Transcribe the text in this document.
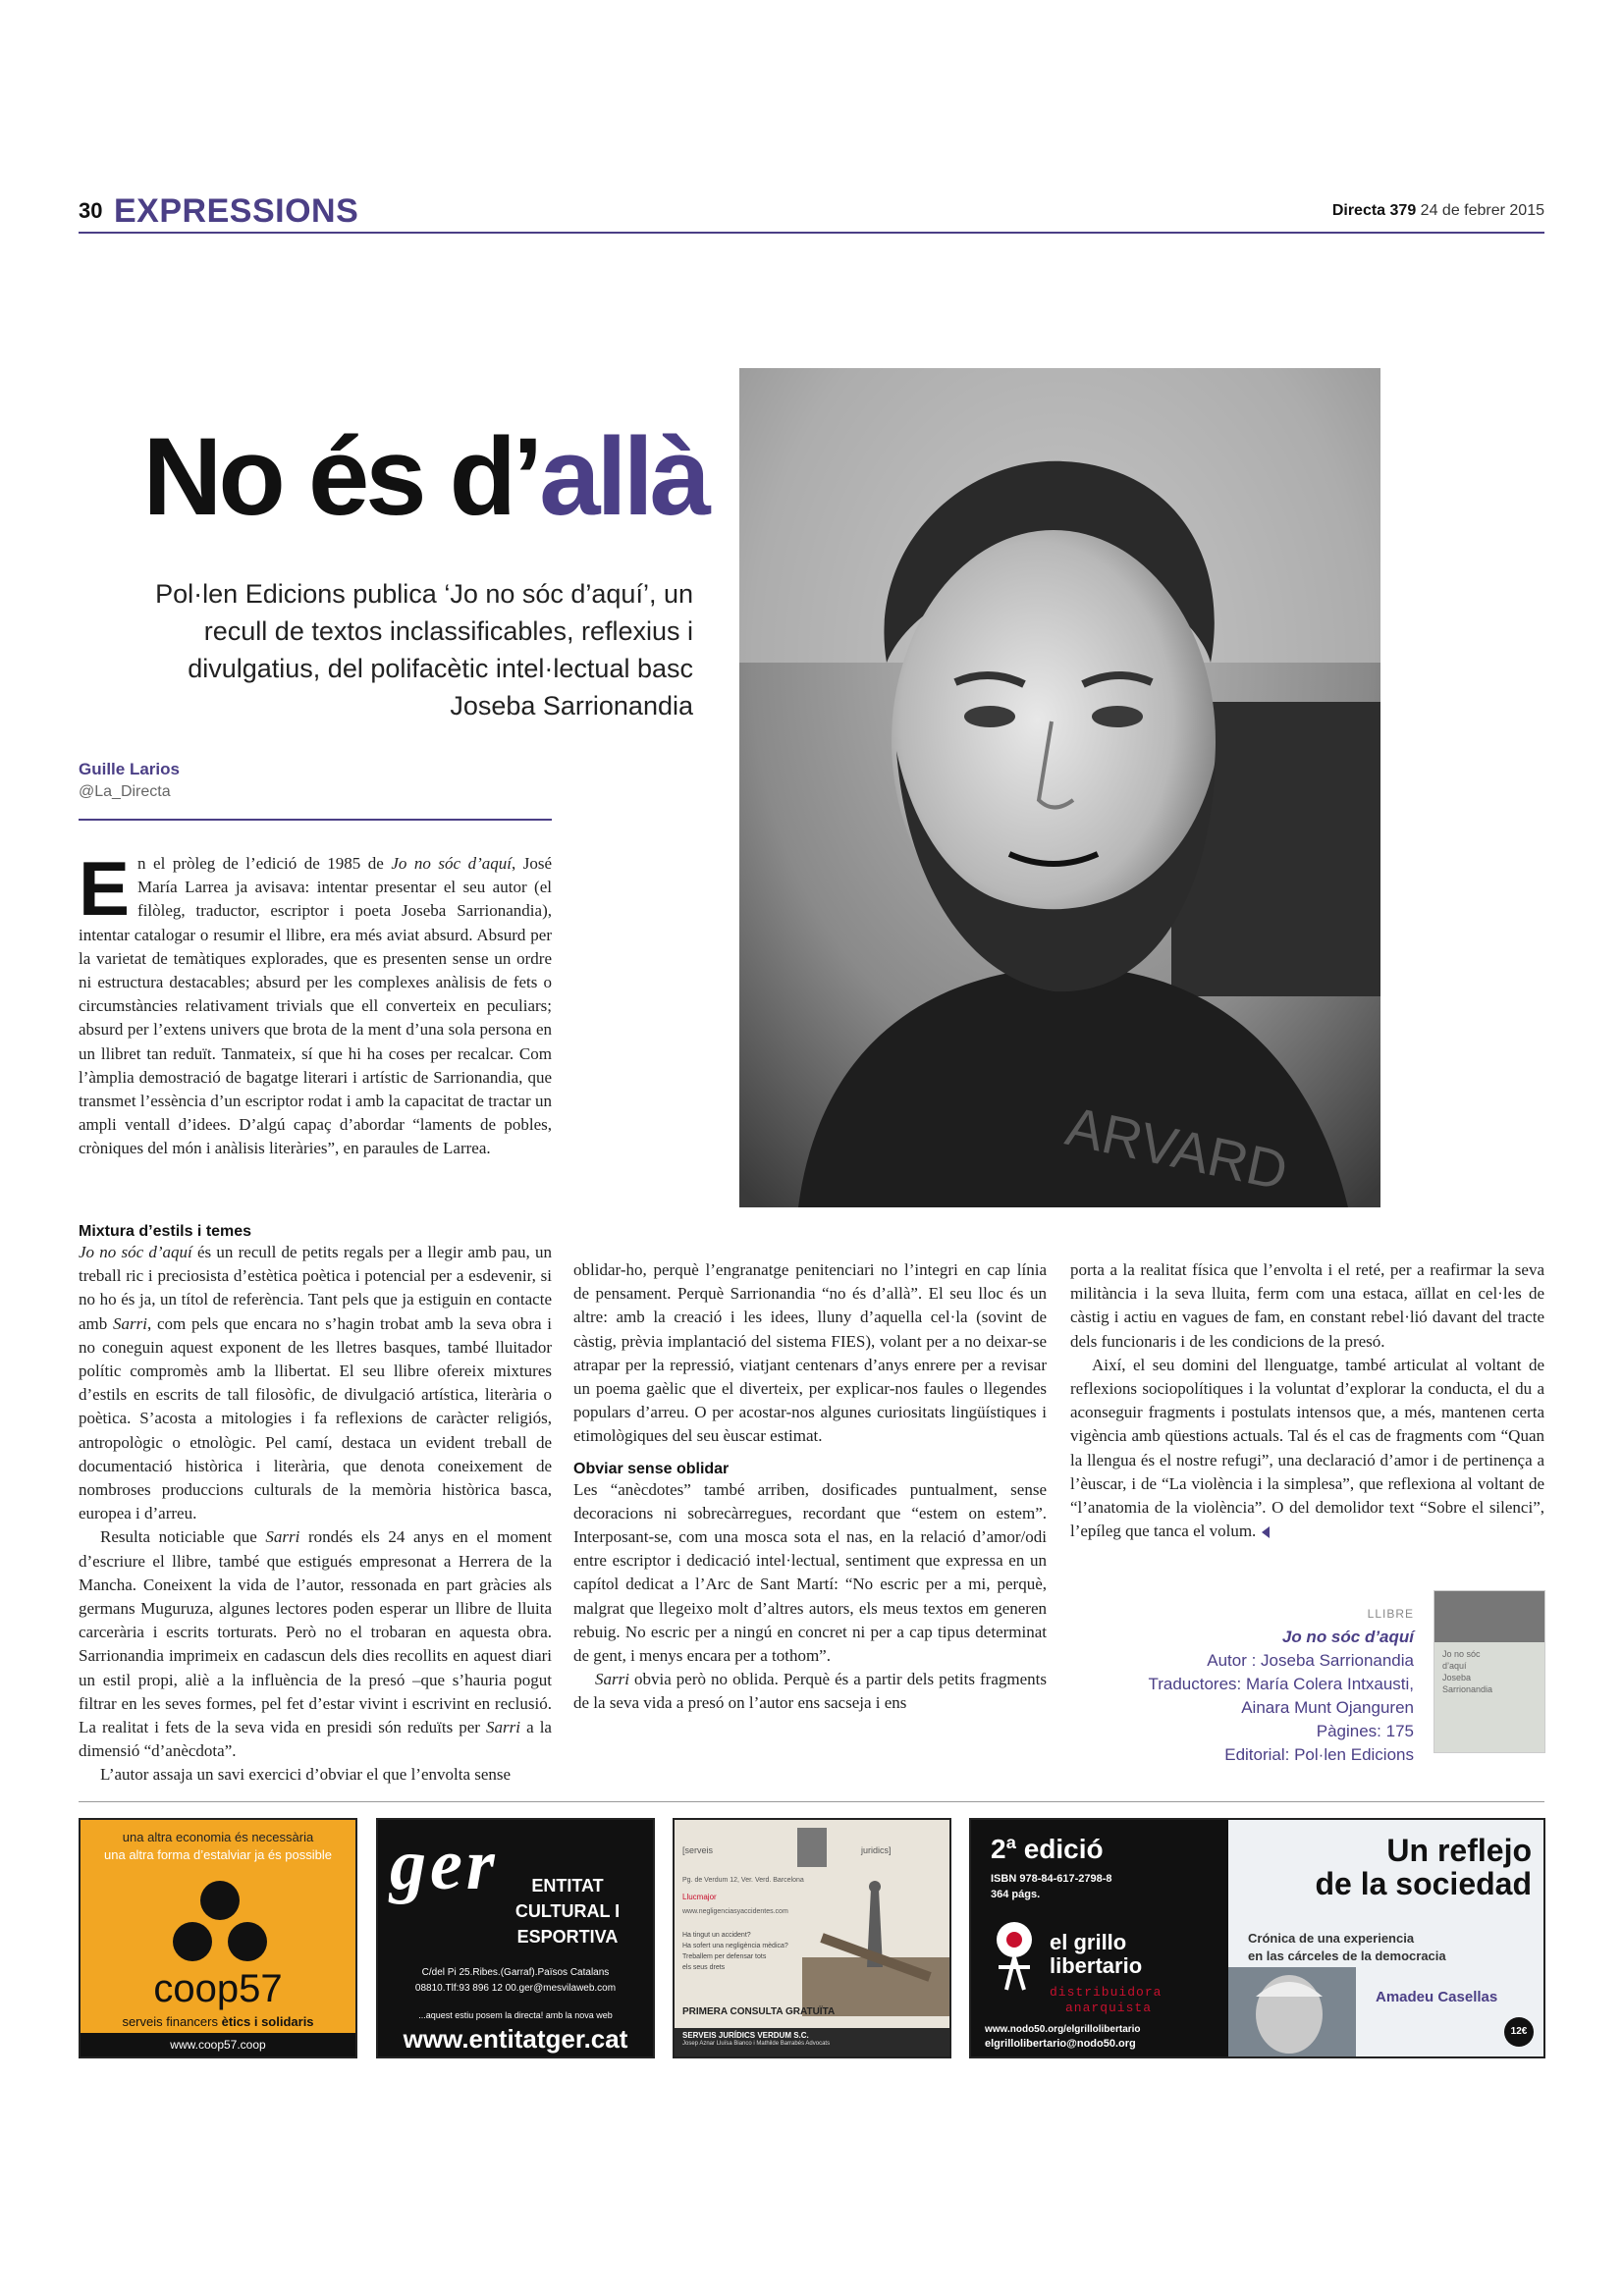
30 EXPRESSIONS	Directa 379 24 de febrer 2015
No és d’allà
Pol·len Edicions publica ‘Jo no sóc d’aquí’, un recull de textos inclassificables, reflexius i divulgatius, del polifacètic intel·lectual basc Joseba Sarrionandia
Guille Larios
@La_Directa
ARVARD

En el pròleg de l’edició de 1985 de Jo no sóc d’aquí, José María Larrea ja avisava: intentar presentar el seu autor (el filòleg, traductor, escriptor i poeta Joseba Sarrionandia), intentar catalogar o resumir el llibre, era més aviat absurd. Absurd per la varietat de temàtiques explorades, que es presenten sense un ordre ni estructura destacables; absurd per les complexes anàlisis de fets o circumstàncies relativament trivials que ell converteix en peculiars; absurd per l’extens univers que brota de la ment d’una sola persona en un llibret tan reduït. Tanmateix, sí que hi ha coses per recalcar. Com l’àmplia demostració de bagatge literari i artístic de Sarrionandia, que transmet l’essència d’un escriptor rodat i amb la capacitat de tractar un ampli ventall d’idees. D’algú capaç d’abordar “laments de pobles, cròniques del món i anàlisis literàries”, en paraules de Larrea.

Mixtura d’estils i temes

Jo no sóc d’aquí és un recull de petits regals per a llegir amb pau, un treball ric i preciosista d’estètica poètica i potencial per a esdevenir, si no ho és ja, un títol de referència. Tant pels que ja estiguin en contacte amb Sarri, com pels que encara no s’hagin trobat amb la seva obra i no coneguin aquest exponent de les lletres basques, també lluitador polític compromès amb la llibertat. El seu llibre ofereix mixtures d’estils en escrits de tall filosòfic, de divulgació artística, literària o poètica. S’acosta a mitologies i fa reflexions de caràcter religiós, antropològic o etnològic. Pel camí, destaca un evident treball de documentació històrica i literària, que denota coneixement de nombroses produccions culturals de la memòria històrica basca, europea i d’arreu.

Resulta noticiable que Sarri rondés els 24 anys en el moment d’escriure el llibre, també que estigués empresonat a Herrera de la Mancha. Coneixent la vida de l’autor, ressonada en part gràcies als germans Muguruza, algunes lectores poden esperar un llibre de lluita carcerària i escrits torturats. Però no el trobaran en aquesta obra. Sarrionandia imprimeix en cadascun dels dies recollits en aquest diari un estil propi, aliè a la influència de la presó –que s’hauria pogut filtrar en les seves formes, pel fet d’estar vivint i escrivint en reclusió. La realitat i fets de la seva vida en presidi són reduïts per Sarri a la dimensió “d’anècdota”.

L’autor assaja un savi exercici d’obviar el que l’envolta sense

oblidar-ho, perquè l’engranatge penitenciari no l’integri en cap línia de pensament. Perquè Sarrionandia “no és d’allà”. El seu lloc és un altre: amb la creació i les idees, lluny d’aquella cel·la (sovint de càstig, prèvia implantació del sistema FIES), volant per a no deixar-se atrapar per la repressió, viatjant centenars d’anys enrere per a revisar un poema gaèlic que el diverteix, per explicar-nos faules o llegendes populars d’arreu. O per acostar-nos algunes curiositats lingüístiques i etimològiques del seu èuscar estimat.

Obviar sense oblidar

Les “anècdotes” també arriben, dosificades puntualment, sense decoracions ni sobrecàrregues, recordant que “estem on estem”. Interposant-se, com una mosca sota el nas, en la relació d’amor/odi entre escriptor i dedicació intel·lectual, sentiment que expressa en un capítol dedicat a l’Arc de Sant Martí: “No escric per a mi, perquè, malgrat que llegeixo molt d’altres autors, els meus textos em generen rebuig. No escric per a ningú en concret ni per a cap tipus determinat de gent, i menys encara per a tothom”.

Sarri obvia però no oblida. Perquè és a partir dels petits fragments de la seva vida a presó on l’autor ens sacseja i ens

porta a la realitat física que l’envolta i el reté, per a reafirmar la seva militància i la seva lluita, ferm com una estaca, aïllat en cel·les de càstig i actiu en vagues de fam, en constant rebel·lió davant del tracte dels funcionaris i de les condicions de la presó.

Així, el seu domini del llenguatge, també articulat al voltant de reflexions sociopolítiques i la voluntat d’explorar la conducta, el du a aconseguir fragments i postulats intensos que, a més, mantenen certa vigència amb qüestions actuals. Tal és el cas de fragments com “Quan la llengua és el nostre refugi”, una declaració d’amor i de pertinença a l’èuscar, i de “La violència i la simplesa”, que reflexiona al voltant de “l’anatomia de la violència”. O del demolidor text “Sobre el silenci”, l’epíleg que tanca el volum.

LLIBRE
Jo no sóc d’aquí
Autor : Joseba Sarrionandia
Traductores: María Colera Intxausti,
Ainara Munt Ojanguren
Pàgines: 175
Editorial: Pol·len Edicions
Jo no sóc
d’aquí
Joseba
Sarrionandia
una altra economia és necessària
una altra forma d’estalviar ja és possible
coop57
serveis financers ètics i solidaris
www.coop57.coop
ger	ENTITAT
CULTURAL I
ESPORTIVA
C/del Pi 25.Ribes.(Garraf).Països Catalans
08810.Tlf:93 896 12 00.ger@mesvilaweb.com
...aquest estiu posem la directa! amb la nova web
www.entitatger.cat
[serveis	juridics]
Pg. de Verdum 12, Ver. Verd. Barcelona
Llucmajor
www.negligenciasyaccidentes.com
Ha tingut un accident?
Ha sofert una negligència mèdica?
Treballem per defensar tots
els seus drets
PRIMERA CONSULTA GRATUÏTA
SERVEIS JURÍDICS VERDUM S.C.
Josep Aznar Lluïsa Bianco i Mathilde Barrabés Advocats
2ª edició
ISBN 978-84-617-2798-8
364 págs.
el grillo
libertario
distribuidora
anarquista
www.nodo50.org/elgrillolibertario
elgrillolibertario@nodo50.org
Un reflejo
de la sociedad
Crónica de una experiencia
en las cárceles de la democracia
Amadeu Casellas
12€
